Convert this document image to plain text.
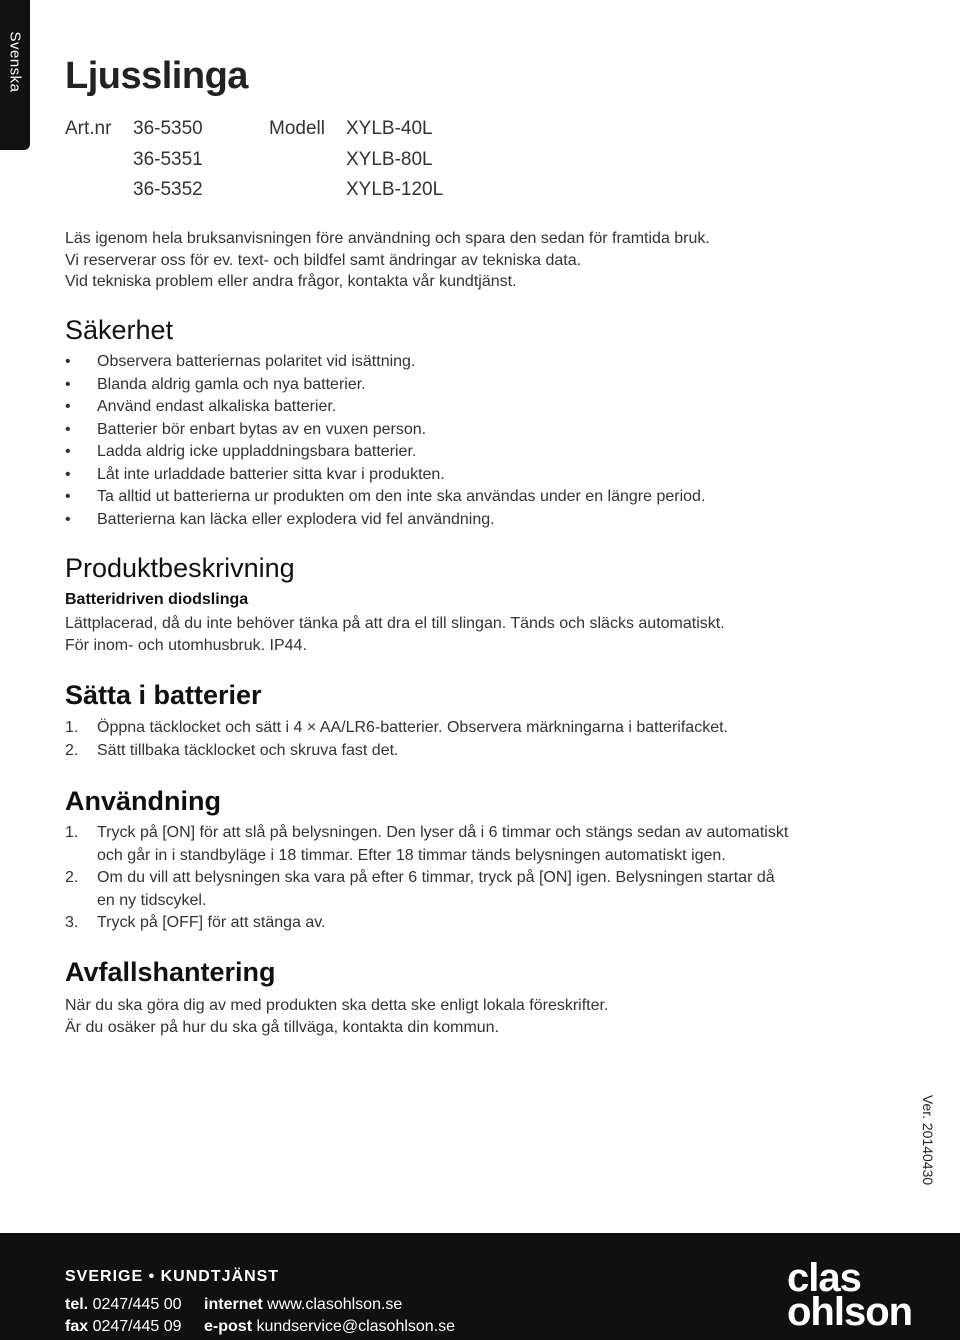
Svenska Ljusslinga
Art.nr 36-5350	Modell XYLB-40L
36-5351	XYLB-80L
36-5352	XYLB-120L
Läs igenom hela bruksanvisningen före användning och spara den sedan för framtida bruk.
Vi reserverar oss för ev. text- och bildfel samt ändringar av tekniska data.
Vid tekniska problem eller andra frågor, kontakta vår kundtjänst.
Säkerhet
• Observera batteriernas polaritet vid isättning.
• Blanda aldrig gamla och nya batterier.
• Använd endast alkaliska batterier.
• Batterier bör enbart bytas av en vuxen person.
• Ladda aldrig icke uppladdningsbara batterier.
• Låt inte urladdade batterier sitta kvar i produkten.
• Ta alltid ut batterierna ur produkten om den inte ska användas under en längre period.
• Batterierna kan läcka eller explodera vid fel användning.
Produktbeskrivning
Batteridriven diodslinga
Lättplacerad, då du inte behöver tänka på att dra el till slingan. Tänds och släcks automatiskt.
För inom- och utomhusbruk. IP44.
Sätta i batterier
1. Öppna täcklocket och sätt i 4 × AA/LR6-batterier. Observera märkningarna i batterifacket.
2. Sätt tillbaka täcklocket och skruva fast det.
Användning
1. Tryck på [ON] för att slå på belysningen. Den lyser då i 6 timmar och stängs sedan av automatiskt
och går in i standbyläge i 18 timmar. Efter 18 timmar tänds belysningen automatiskt igen.
2. Om du vill att belysningen ska vara på efter 6 timmar, tryck på [ON] igen. Belysningen startar då
en ny tidscykel.
3. Tryck på [OFF] för att stänga av.
Avfallshantering
När du ska göra dig av med produkten ska detta ske enligt lokala föreskrifter.
Är du osäker på hur du ska gå tillväga, kontakta din kommun.
Ver. 20140430
SVERIGE • KUNDTJÄNST
tel. 0247/445 00 internet www.clasohlson.se
fax 0247/445 09 e-post kundservice@clasohlson.se
clas
ohlson
